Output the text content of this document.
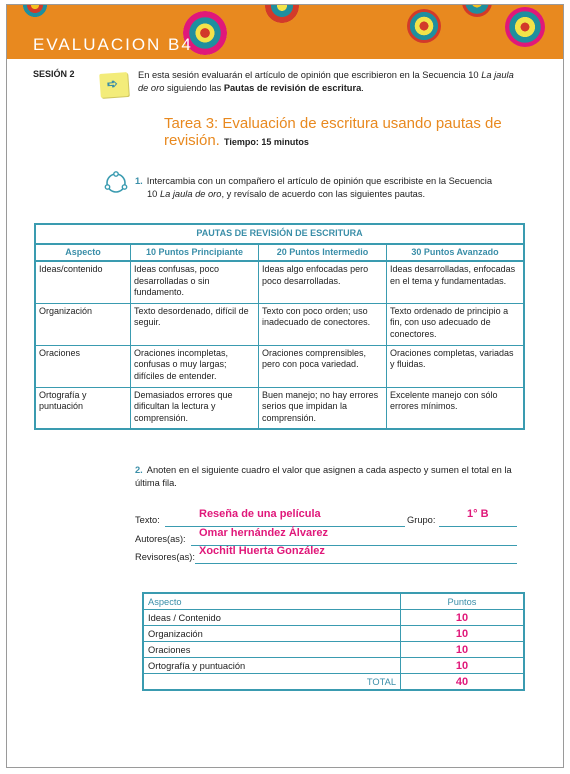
EVALUACION B4
SESIÓN 2
➪
En esta sesión evaluarán el artículo de opinión que escribieron en la Secuencia 10 La jaula de oro siguiendo las Pautas de revisión de escritura.
Tarea 3: Evaluación de escritura usando pautas de revisión. Tiempo: 15 minutos
1. Intercambia con un compañero el artículo de opinión que escribiste en la Secuencia
10 La jaula de oro, y revísalo de acuerdo con las siguientes pautas.
PAUTAS DE REVISIÓN DE ESCRITURA			
Aspecto	10 Puntos Principiante	20 Puntos Intermedio	30 Puntos Avanzado
Ideas/contenido	Ideas confusas, poco desarrolladas o sin fundamento.	Ideas algo enfocadas pero poco desarrolladas.	Ideas desarrolladas, enfocadas en el tema y fundamentadas.
Organización	Texto desordenado, difícil de seguir.	Texto con poco orden; uso inadecuado de conectores.	Texto ordenado de principio a fin, con uso adecuado de conectores.
Oraciones	Oraciones incompletas, confusas o muy largas; difíciles de entender.	Oraciones comprensibles, pero con poca variedad.	Oraciones completas, variadas y fluidas.
Ortografía y puntuación	Demasiados errores que dificultan la lectura y comprensión.	Buen manejo; no hay errores serios que impidan la comprensión.	Excelente manejo con sólo errores mínimos.
2. Anoten en el siguiente cuadro el valor que asignen a cada aspecto y sumen el total en la última fila.
Texto:	Reseña de una película	Grupo:	1° B
Autores(as): Omar hernández Álvarez
Revisores(as): Xochitl Huerta González
Aspecto	Puntos
Ideas / Contenido	10
Organización	10
Oraciones	10
Ortografía y puntuación	10
TOTAL	40
